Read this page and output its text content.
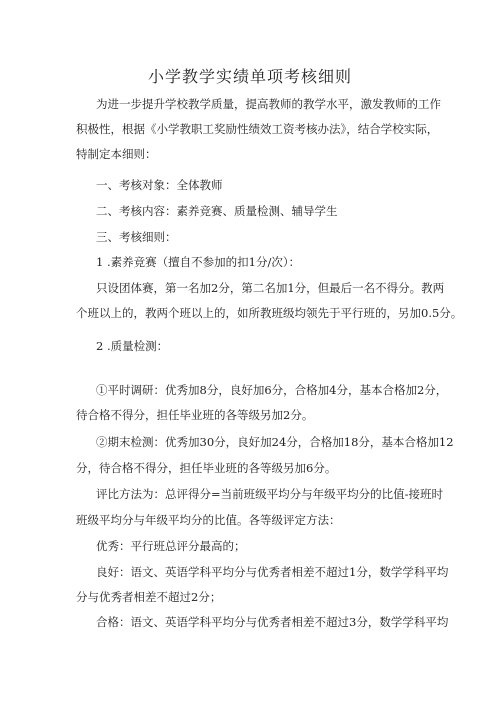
小学教学实绩单项考核细则

为进一步提升学校教学质量，提高教师的教学水平，激发教师的工作

积极性，根据《小学教职工奖励性绩效工资考核办法》，结合学校实际，

特制定本细则：

一、考核对象：全体教师

二、考核内容：素养竞赛、质量检测、辅导学生

三、考核细则：

1 .素养竞赛（擅自不参加的扣1分/次）：

只设团体赛，第一名加2分，第二名加1分，但最后一名不得分。教两

个班以上的，教两个班以上的，如所教班级均领先于平行班的，另加0.5分。

2 .质量检测：

①平时调研：优秀加8分，良好加6分，合格加4分，基本合格加2分，

待合格不得分，担任毕业班的各等级另加2分。

②期末检测：优秀加30分，良好加24分，合格加18分，基本合格加12

分，待合格不得分，担任毕业班的各等级另加6分。

评比方法为：总评得分=当前班级平均分与年级平均分的比值-接班时

班级平均分与年级平均分的比值。各等级评定方法：

优秀：平行班总评分最高的；

良好：语文、英语学科平均分与优秀者相差不超过1分，数学学科平均

分与优秀者相差不超过2分；

合格：语文、英语学科平均分与优秀者相差不超过3分，数学学科平均
